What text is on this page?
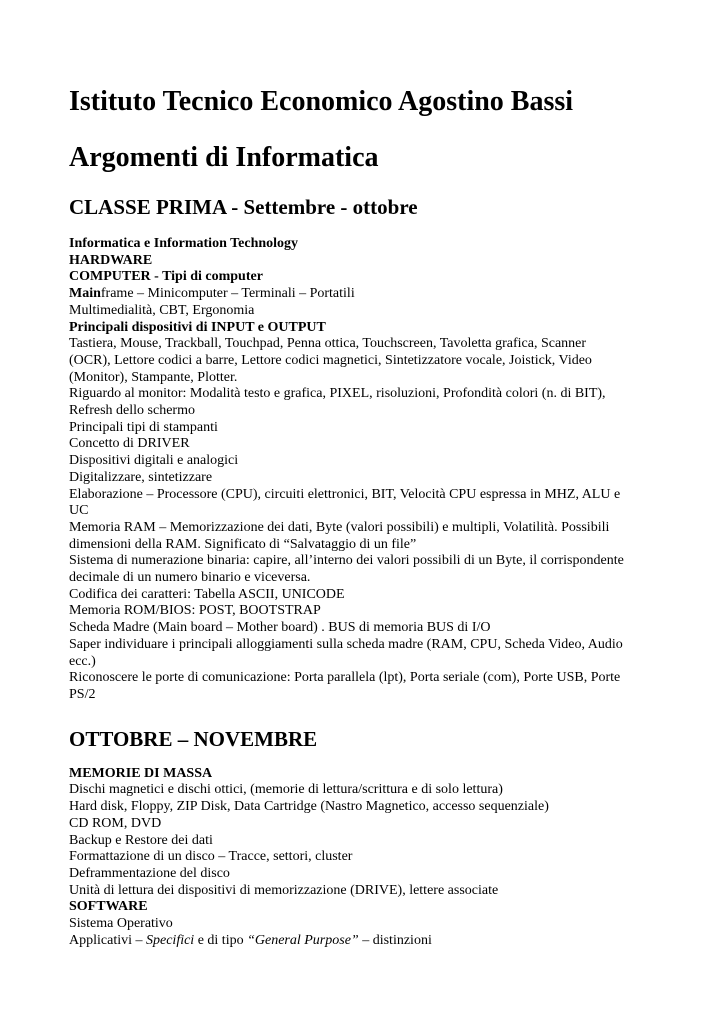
Istituto Tecnico Economico Agostino Bassi
Argomenti di Informatica
CLASSE PRIMA - Settembre - ottobre

Informatica e Information Technology

HARDWARE

COMPUTER - Tipi di computer

Mainframe – Minicomputer – Terminali – Portatili

Multimedialità, CBT, Ergonomia

Principali dispositivi di INPUT e OUTPUT

Tastiera, Mouse, Trackball, Touchpad, Penna ottica, Touchscreen, Tavoletta grafica, Scanner

(OCR), Lettore codici a barre, Lettore codici magnetici, Sintetizzatore vocale, Joistick, Video

(Monitor), Stampante, Plotter.

Riguardo al monitor: Modalità testo e grafica, PIXEL, risoluzioni, Profondità colori (n. di BIT),

Refresh dello schermo

Principali tipi di stampanti

Concetto di DRIVER

Dispositivi digitali e analogici

Digitalizzare, sintetizzare

Elaborazione – Processore (CPU), circuiti elettronici, BIT, Velocità CPU espressa in MHZ, ALU e

UC

Memoria RAM – Memorizzazione dei dati, Byte (valori possibili) e multipli, Volatilità. Possibili

dimensioni della RAM. Significato di “Salvataggio di un file”

Sistema di numerazione binaria: capire, all’interno dei valori possibili di un Byte, il corrispondente

decimale di un numero binario e viceversa.

Codifica dei caratteri: Tabella ASCII, UNICODE

Memoria ROM/BIOS: POST, BOOTSTRAP

Scheda Madre (Main board – Mother board) . BUS di memoria BUS di I/O

Saper individuare i principali alloggiamenti sulla scheda madre (RAM, CPU, Scheda Video, Audio

ecc.)

Riconoscere le porte di comunicazione: Porta parallela (lpt), Porta seriale (com), Porte USB, Porte

PS/2

OTTOBRE – NOVEMBRE

MEMORIE DI MASSA

Dischi magnetici e dischi ottici, (memorie di lettura/scrittura e di solo lettura)

Hard disk, Floppy, ZIP Disk, Data Cartridge (Nastro Magnetico, accesso sequenziale)

CD ROM, DVD

Backup e Restore dei dati

Formattazione di un disco – Tracce, settori, cluster

Deframmentazione del disco

Unità di lettura dei dispositivi di memorizzazione (DRIVE), lettere associate

SOFTWARE

Sistema Operativo

Applicativi – Specifici e di tipo “General Purpose” – distinzioni
